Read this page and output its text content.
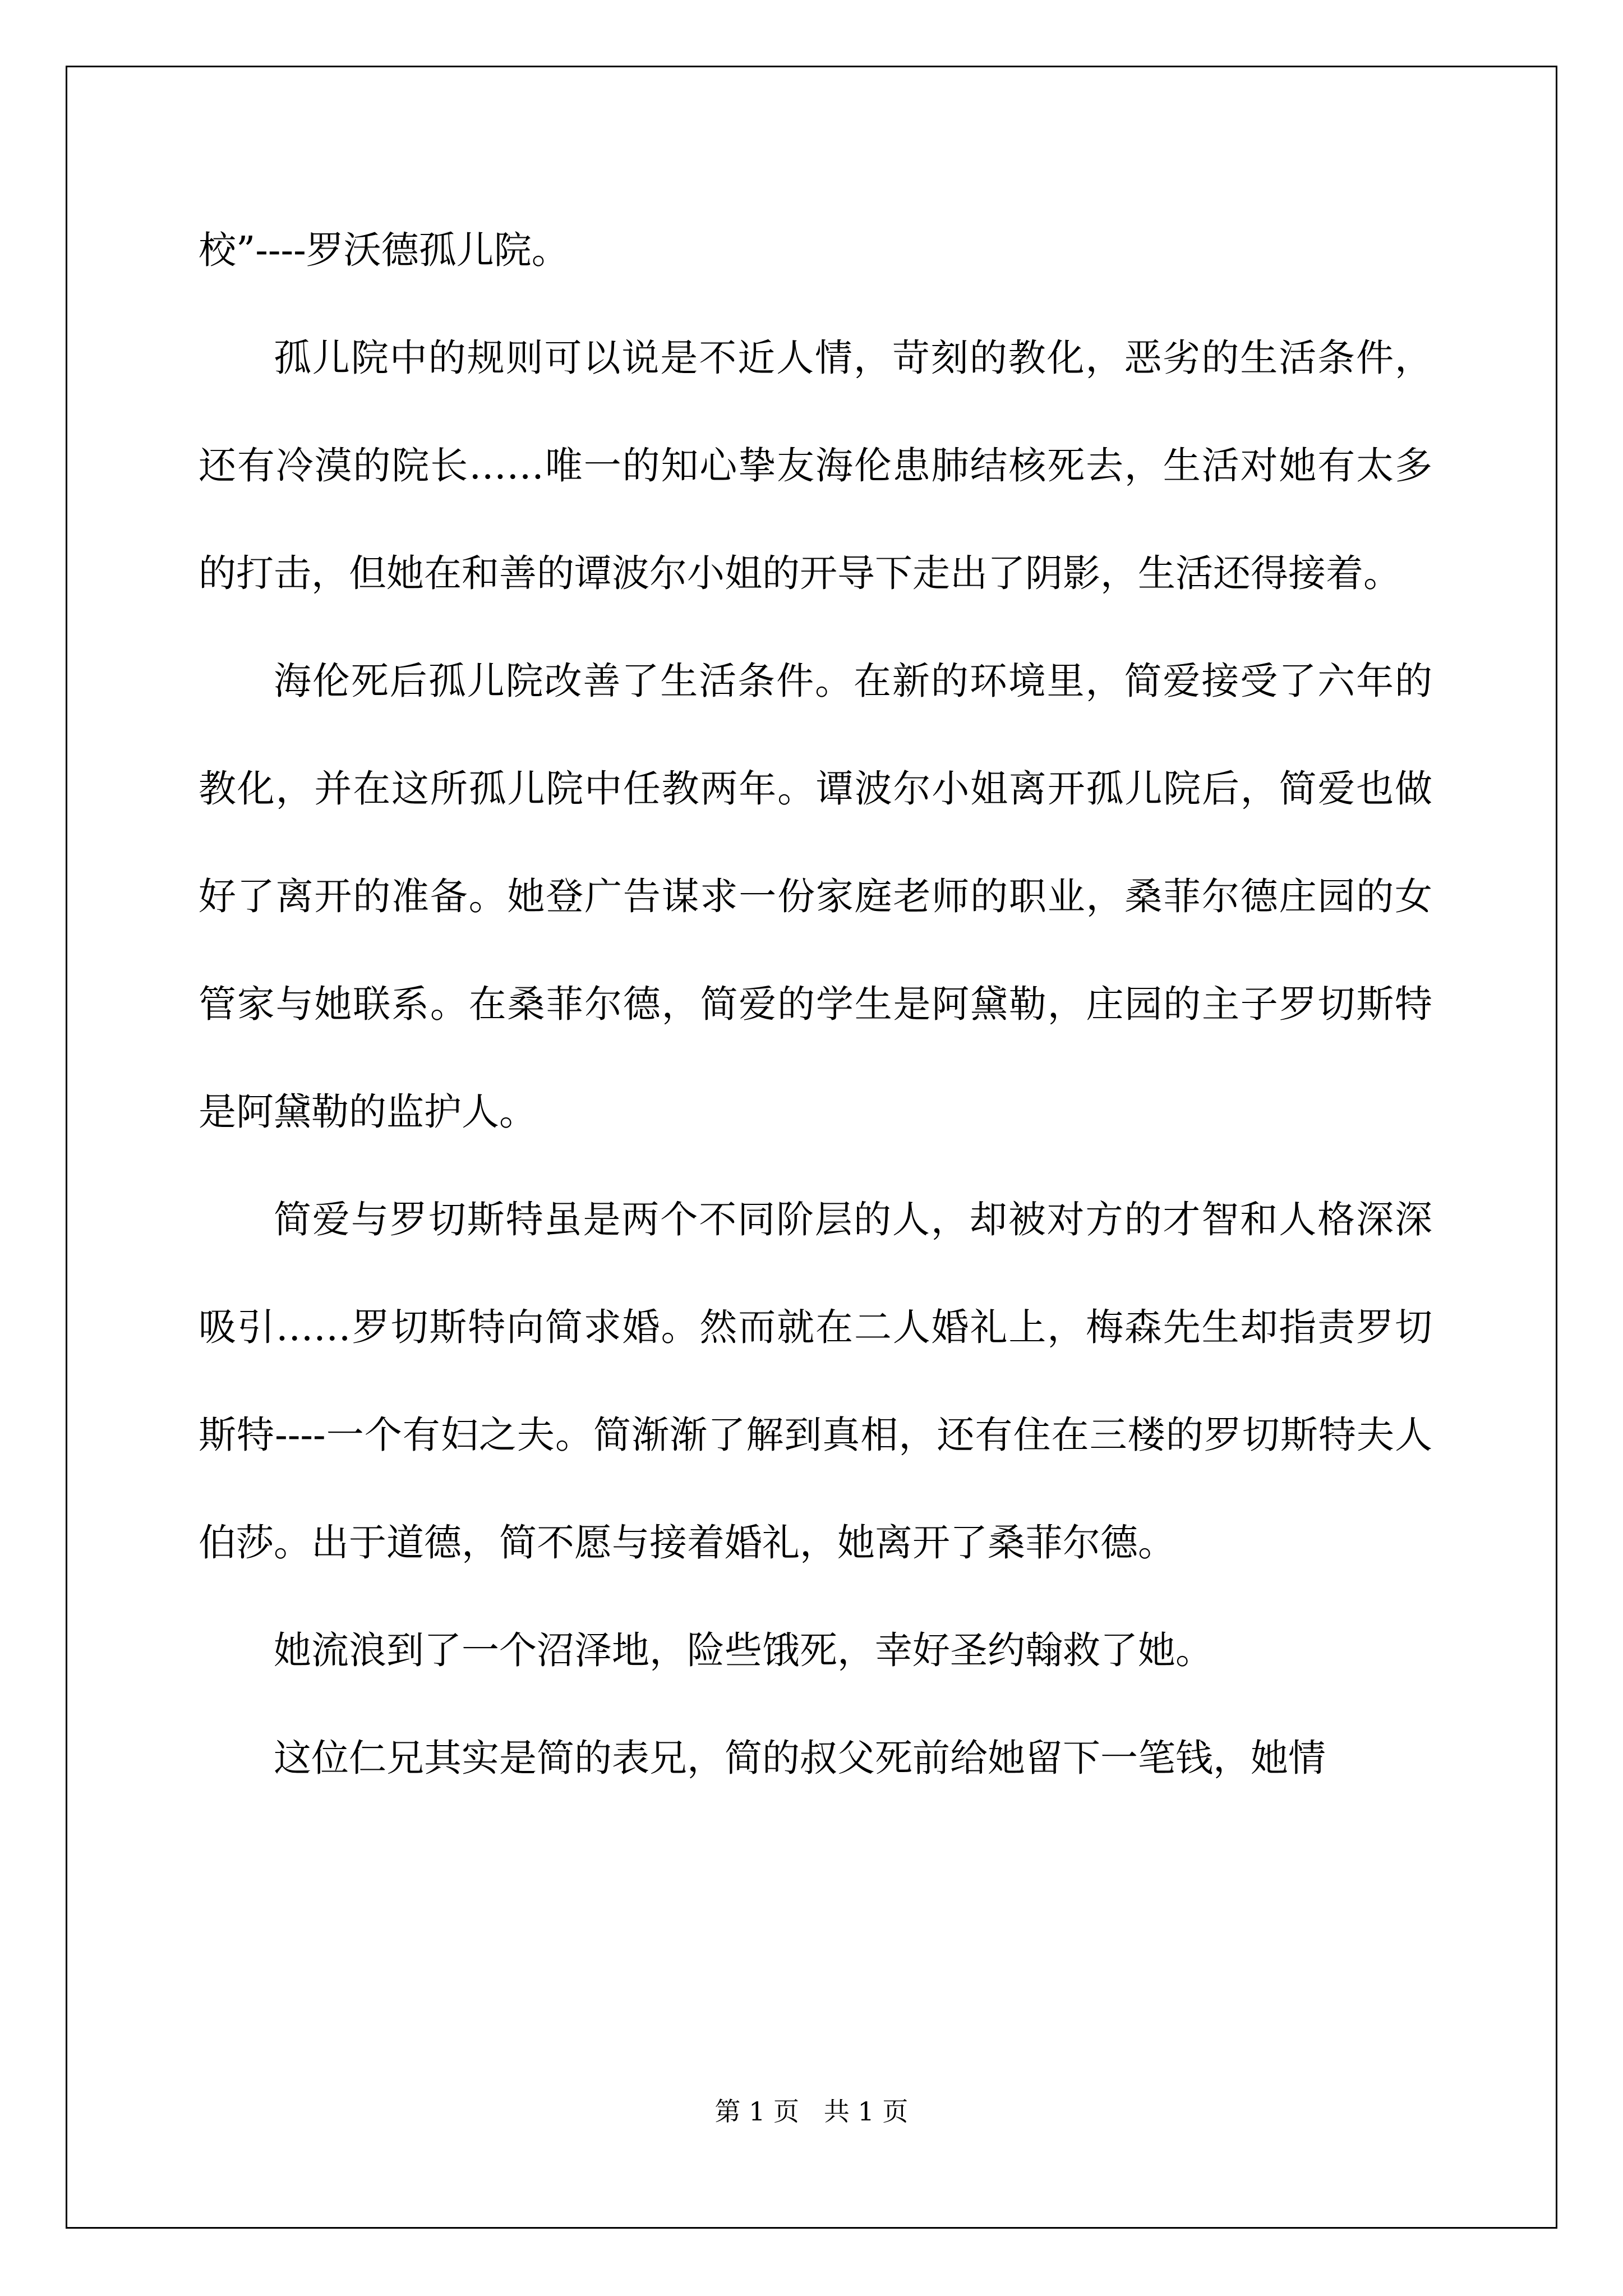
校”----罗沃德孤儿院。

孤儿院中的规则可以说是不近人情，苛刻的教化，恶劣的生活条件，还有冷漠的院长……唯一的知心挚友海伦患肺结核死去，生活对她有太多的打击，但她在和善的谭波尔小姐的开导下走出了阴影，生活还得接着。

海伦死后孤儿院改善了生活条件。在新的环境里，简爱接受了六年的教化，并在这所孤儿院中任教两年。谭波尔小姐离开孤儿院后，简爱也做好了离开的准备。她登广告谋求一份家庭老师的职业，桑菲尔德庄园的女管家与她联系。在桑菲尔德，简爱的学生是阿黛勒，庄园的主子罗切斯特是阿黛勒的监护人。

简爱与罗切斯特虽是两个不同阶层的人，却被对方的才智和人格深深吸引……罗切斯特向简求婚。然而就在二人婚礼上，梅森先生却指责罗切斯特----一个有妇之夫。简渐渐了解到真相，还有住在三楼的罗切斯特夫人伯莎。出于道德，简不愿与接着婚礼，她离开了桑菲尔德。

她流浪到了一个沼泽地，险些饿死，幸好圣约翰救了她。

这位仁兄其实是简的表兄，简的叔父死前给她留下一笔钱，她情

第 1 页   共 1 页
